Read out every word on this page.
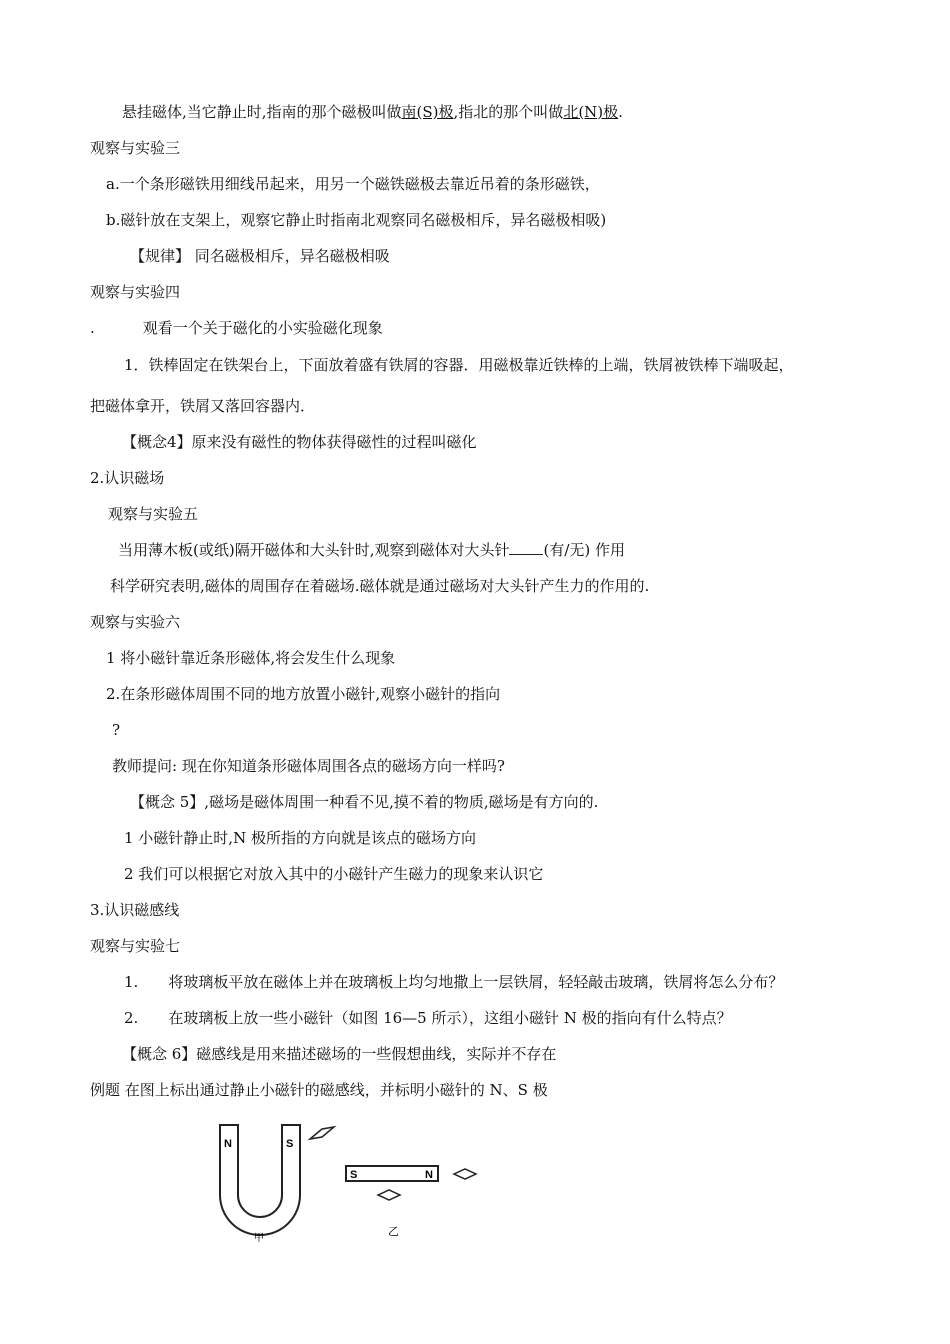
悬挂磁体,当它静止时,指南的那个磁极叫做南(S)极,指北的那个叫做北(N)极.
观察与实验三
a.一个条形磁铁用细线吊起来，用另一个磁铁磁极去靠近吊着的条形磁铁，
b.磁针放在支架上，观察它静止时指南北观察同名磁极相斥，异名磁极相吸)
【规律】 同名磁极相斥，异名磁极相吸
观察与实验四
.	观看一个关于磁化的小实验磁化现象
1．铁棒固定在铁架台上，下面放着盛有铁屑的容器．用磁极靠近铁棒的上端，铁屑被铁棒下端吸起，
把磁体拿开，铁屑又落回容器内．
【概念4】原来没有磁性的物体获得磁性的过程叫磁化
2.认识磁场
观察与实验五
当用薄木板(或纸)隔开磁体和大头针时,观察到磁体对大头针 (有/无) 作用
科学研究表明,磁体的周围存在着磁场.磁体就是通过磁场对大头针产生力的作用的.
观察与实验六
1 将小磁针靠近条形磁体,将会发生什么现象
2.在条形磁体周围不同的地方放置小磁针,观察小磁针的指向
?
教师提问: 现在你知道条形磁体周围各点的磁场方向一样吗?
【概念 5】,磁场是磁体周围一种看不见,摸不着的物质,磁场是有方向的.
1 小磁针静止时,N 极所指的方向就是该点的磁场方向
2 我们可以根据它对放入其中的小磁针产生磁力的现象来认识它
3.认识磁感线
观察与实验七
1. 将玻璃板平放在磁体上并在玻璃板上均匀地撒上一层铁屑，轻轻敲击玻璃，铁屑将怎么分布？
2. 在玻璃板上放一些小磁针（如图 16—5 所示），这组小磁针 N 极的指向有什么特点？
【概念 6】磁感线是用来描述磁场的一些假想曲线，实际并不存在
例题 在图上标出通过静止小磁针的磁感线，并标明小磁针的 N、S 极
N	S
S	N
甲
乙
